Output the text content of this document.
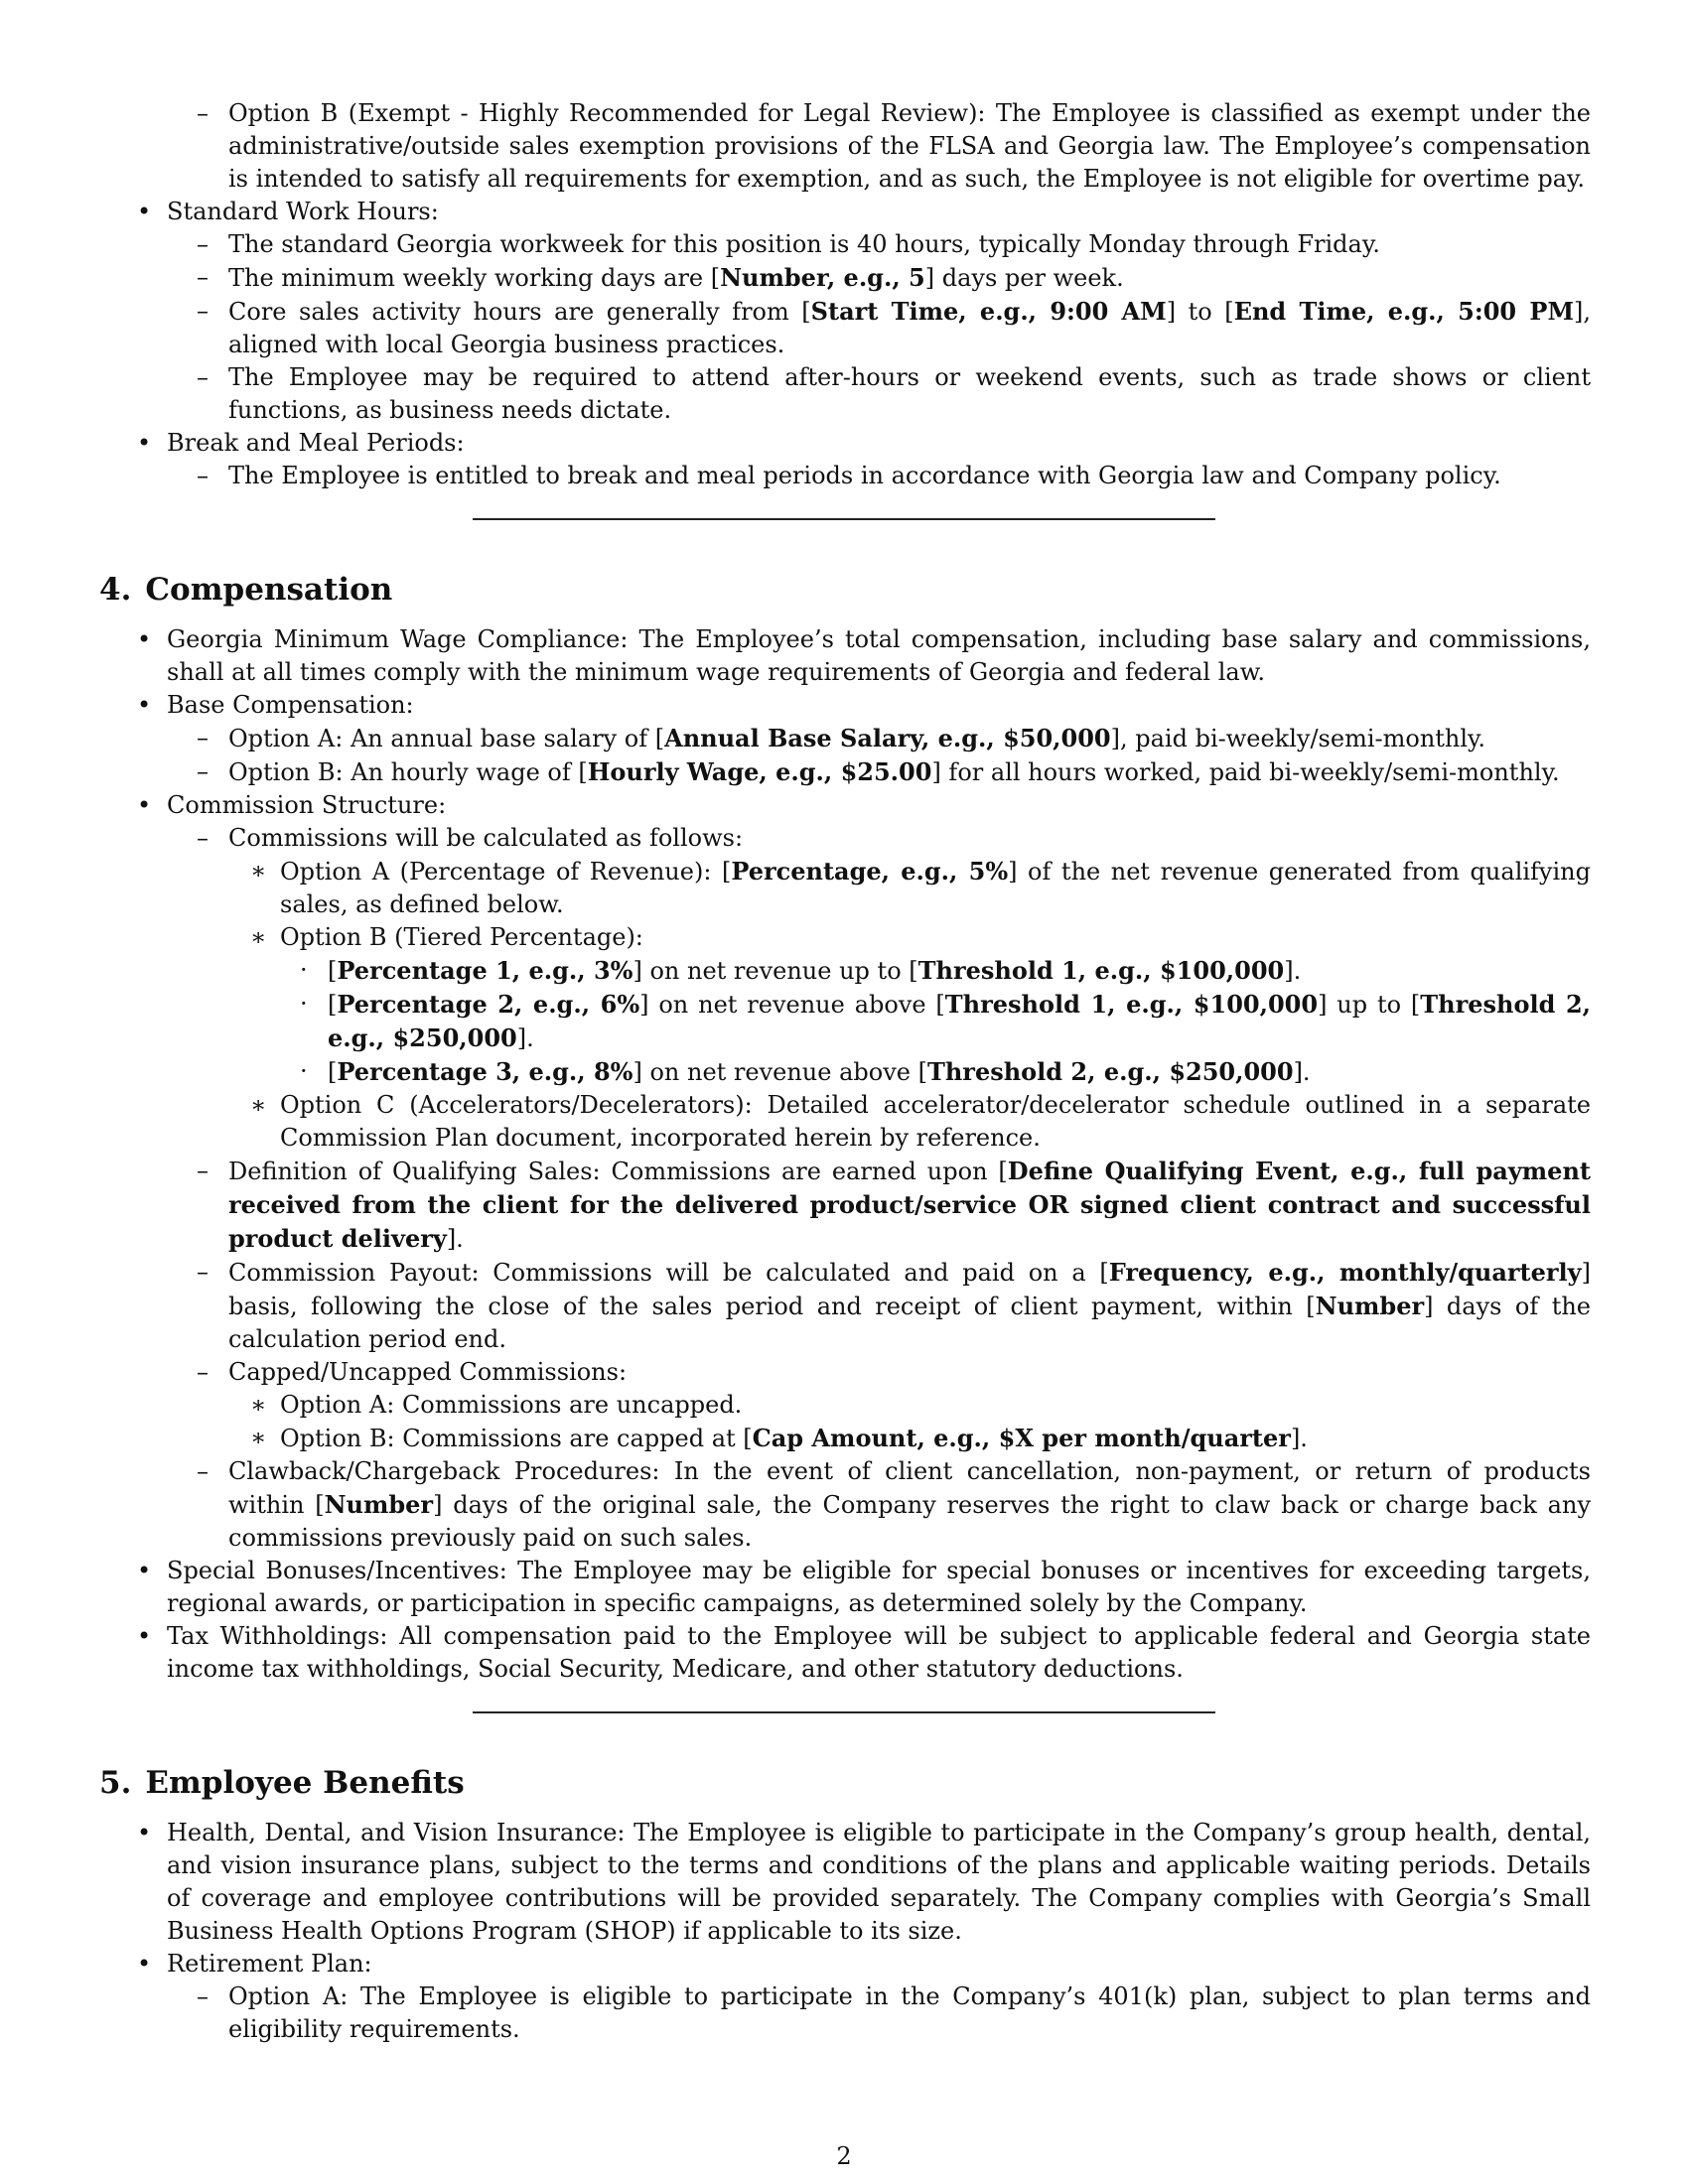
– Option B (Exempt - Highly Recommended for Legal Review): The Employee is classified as exempt under the administrative/outside sales exemption provisions of the FLSA and Georgia law. The Employee’s compensation is intended to satisfy all requirements for exemption, and as such, the Employee is not eligible for overtime pay.
• Standard Work Hours:
– The standard Georgia workweek for this position is 40 hours, typically Monday through Friday.
– The minimum weekly working days are [Number, e.g., 5] days per week.
– Core sales activity hours are generally from [Start Time, e.g., 9:00 AM] to [End Time, e.g., 5:00 PM], aligned with local Georgia business practices.
– The Employee may be required to attend after-hours or weekend events, such as trade shows or client functions, as business needs dictate.
• Break and Meal Periods:
– The Employee is entitled to break and meal periods in accordance with Georgia law and Company policy.
4. Compensation
• Georgia Minimum Wage Compliance: The Employee’s total compensation, including base salary and commissions, shall at all times comply with the minimum wage requirements of Georgia and federal law.
• Base Compensation:
– Option A: An annual base salary of [Annual Base Salary, e.g., $50,000], paid bi-weekly/semi-monthly.
– Option B: An hourly wage of [Hourly Wage, e.g., $25.00] for all hours worked, paid bi-weekly/semi-monthly.
• Commission Structure:
– Commissions will be calculated as follows:
∗ Option A (Percentage of Revenue): [Percentage, e.g., 5%] of the net revenue generated from qualifying sales, as defined below.
∗ Option B (Tiered Percentage):
· [Percentage 1, e.g., 3%] on net revenue up to [Threshold 1, e.g., $100,000].
· [Percentage 2, e.g., 6%] on net revenue above [Threshold 1, e.g., $100,000] up to [Threshold 2, e.g., $250,000].
· [Percentage 3, e.g., 8%] on net revenue above [Threshold 2, e.g., $250,000].
∗ Option C (Accelerators/Decelerators): Detailed accelerator/decelerator schedule outlined in a separate Commission Plan document, incorporated herein by reference.
– Definition of Qualifying Sales: Commissions are earned upon [Define Qualifying Event, e.g., full payment received from the client for the delivered product/service OR signed client contract and successful product delivery].
– Commission Payout: Commissions will be calculated and paid on a [Frequency, e.g., monthly/quarterly] basis, following the close of the sales period and receipt of client payment, within [Number] days of the calculation period end.
– Capped/Uncapped Commissions:
∗ Option A: Commissions are uncapped.
∗ Option B: Commissions are capped at [Cap Amount, e.g., $X per month/quarter].
– Clawback/Chargeback Procedures: In the event of client cancellation, non-payment, or return of products within [Number] days of the original sale, the Company reserves the right to claw back or charge back any commissions previously paid on such sales.
• Special Bonuses/Incentives: The Employee may be eligible for special bonuses or incentives for exceeding targets, regional awards, or participation in specific campaigns, as determined solely by the Company.
• Tax Withholdings: All compensation paid to the Employee will be subject to applicable federal and Georgia state income tax withholdings, Social Security, Medicare, and other statutory deductions.
5. Employee Benefits
• Health, Dental, and Vision Insurance: The Employee is eligible to participate in the Company’s group health, dental, and vision insurance plans, subject to the terms and conditions of the plans and applicable waiting periods. Details of coverage and employee contributions will be provided separately. The Company complies with Georgia’s Small Business Health Options Program (SHOP) if applicable to its size.
• Retirement Plan:
– Option A: The Employee is eligible to participate in the Company’s 401(k) plan, subject to plan terms and eligibility requirements.
2
